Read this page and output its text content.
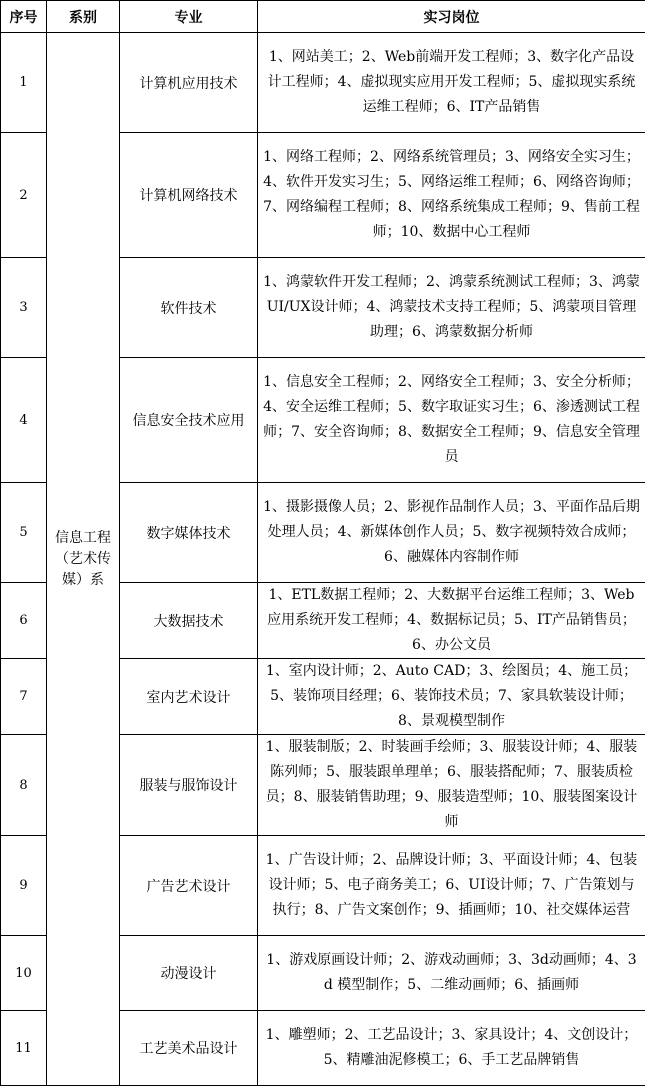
序号	系别	专业	实习岗位
1	信息工程（艺术传媒）系	计算机应用技术	1、网站美工；2、Web前端开发工程师；3、数字化产品设计工程师；4、虚拟现实应用开发工程师；5、虚拟现实系统运维工程师；6、IT产品销售
2		计算机网络技术	1、网络工程师；2、网络系统管理员；3、网络安全实习生；4、软件开发实习生；5、网络运维工程师；6、网络咨询师；7、网络编程工程师；8、网络系统集成工程师；9、售前工程师；10、数据中心工程师
3		软件技术	1、鸿蒙软件开发工程师；2、鸿蒙系统测试工程师；3、鸿蒙UI/UX设计师；4、鸿蒙技术支持工程师；5、鸿蒙项目管理助理；6、鸿蒙数据分析师
4		信息安全技术应用	1、信息安全工程师；2、网络安全工程师；3、安全分析师；4、安全运维工程师；5、数字取证实习生；6、渗透测试工程师；7、安全咨询师；8、数据安全工程师；9、信息安全管理员
5		数字媒体技术	1、摄影摄像人员；2、影视作品制作人员；3、平面作品后期处理人员；4、新媒体创作人员；5、数字视频特效合成师；6、融媒体内容制作师
6		大数据技术	1、ETL数据工程师；2、大数据平台运维工程师；3、Web应用系统开发工程师；4、数据标记员；5、IT产品销售员；6、办公文员
7		室内艺术设计	1、室内设计师；2、Auto CAD；3、绘图员；4、施工员；5、装饰项目经理；6、装饰技术员；7、家具软装设计师；8、景观模型制作
8		服装与服饰设计	1、服装制版；2、时装画手绘师；3、服装设计师；4、服装陈列师；5、服装跟单理单；6、服装搭配师；7、服装质检员；8、服装销售助理；9、服装造型师；10、服装图案设计师
9		广告艺术设计	1、广告设计师；2、品牌设计师；3、平面设计师；4、包装设计师；5、电子商务美工；6、UI设计师；7、广告策划与执行；8、广告文案创作；9、插画师；10、社交媒体运营
10		动漫设计	1、游戏原画设计师；2、游戏动画师；3、3d动画师；4、3d 模型制作；5、二维动画师；6、插画师
11		工艺美术品设计	1、雕塑师；2、工艺品设计；3、家具设计；4、文创设计；5、精雕油泥修模工；6、手工艺品牌销售
